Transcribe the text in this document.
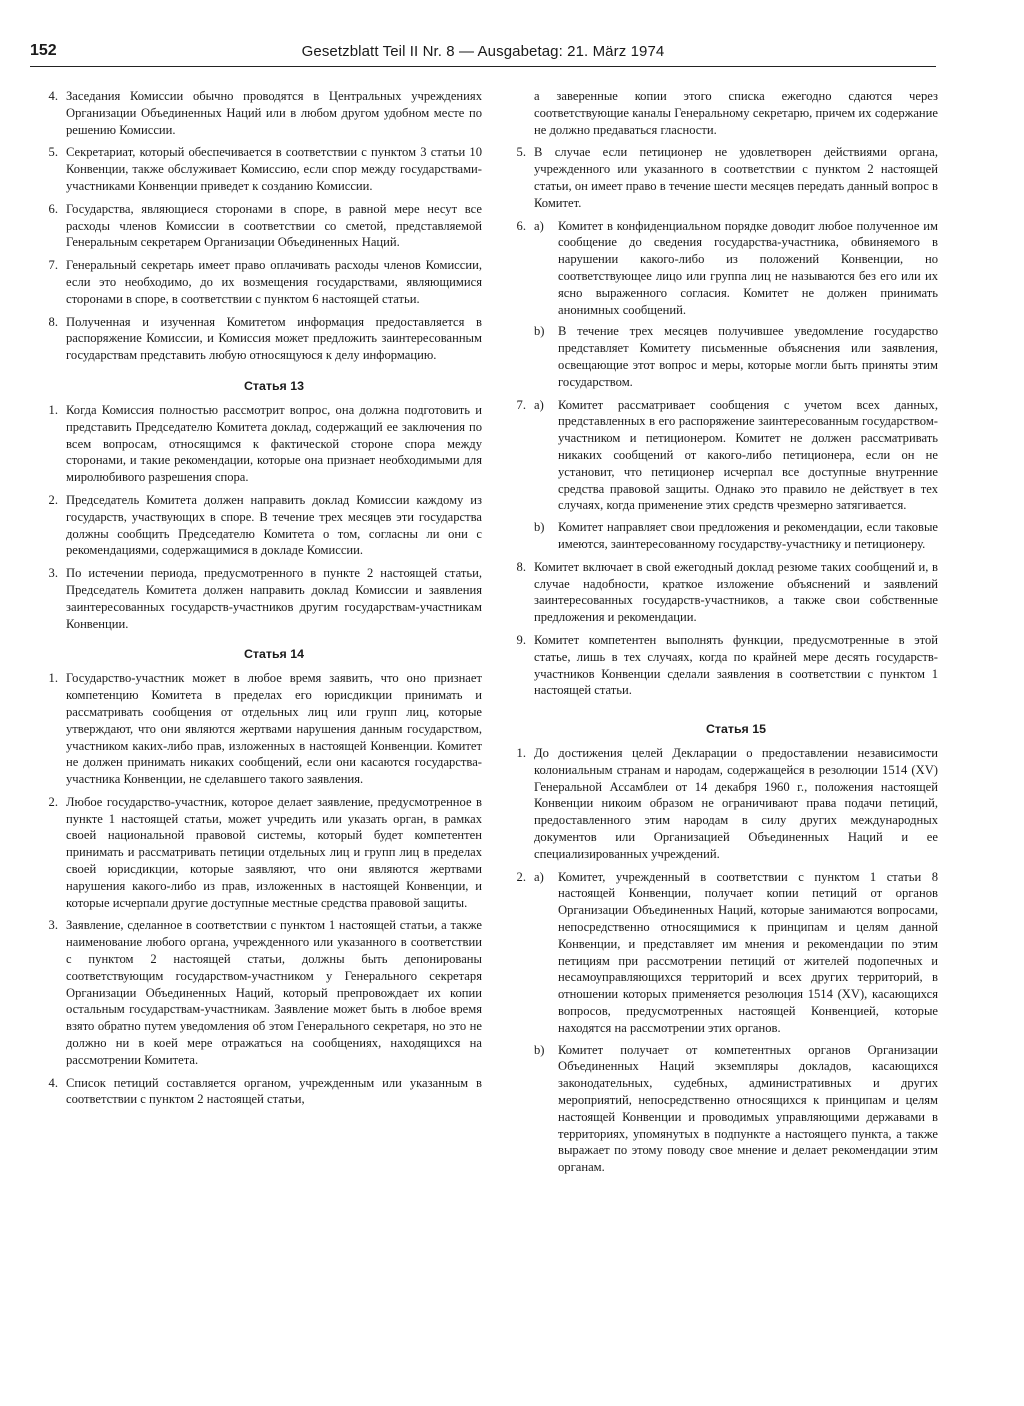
152	Gesetzblatt Teil II Nr. 8 — Ausgabetag: 21. März 1974
4. Заседания Комиссии обычно проводятся в Центральных учреждениях Организации Объединенных Наций или в любом другом удобном месте по решению Комиссии.
5. Секретариат, который обеспечивается в соответствии с пунктом 3 статьи 10 Конвенции, также обслуживает Комиссию, если спор между государствами-участниками Конвенции приведет к созданию Комиссии.
6. Государства, являющиеся сторонами в споре, в равной мере несут все расходы членов Комиссии в соответствии со сметой, представляемой Генеральным секретарем Организации Объединенных Наций.
7. Генеральный секретарь имеет право оплачивать расходы членов Комиссии, если это необходимо, до их возмещения государствами, являющимися сторонами в споре, в соответствии с пунктом 6 настоящей статьи.
8. Полученная и изученная Комитетом информация предоставляется в распоряжение Комиссии, и Комиссия может предложить заинтересованным государствам представить любую относящуюся к делу информацию.
Статья 13
1. Когда Комиссия полностью рассмотрит вопрос, она должна подготовить и представить Председателю Комитета доклад, содержащий ее заключения по всем вопросам, относящимся к фактической стороне спора между сторонами, и такие рекомендации, которые она признает необходимыми для миролюбивого разрешения спора.
2. Председатель Комитета должен направить доклад Комиссии каждому из государств, участвующих в споре. В течение трех месяцев эти государства должны сообщить Председателю Комитета о том, согласны ли они с рекомендациями, содержащимися в докладе Комиссии.
3. По истечении периода, предусмотренного в пункте 2 настоящей статьи, Председатель Комитета должен направить доклад Комиссии и заявления заинтересованных государств-участников другим государствам-участникам Конвенции.
Статья 14
1. Государство-участник может в любое время заявить, что оно признает компетенцию Комитета в пределах его юрисдикции принимать и рассматривать сообщения от отдельных лиц или групп лиц, которые утверждают, что они являются жертвами нарушения данным государством, участником каких-либо прав, изложенных в настоящей Конвенции. Комитет не должен принимать никаких сообщений, если они касаются государства-участника Конвенции, не сделавшего такого заявления.
2. Любое государство-участник, которое делает заявление, предусмотренное в пункте 1 настоящей статьи, может учредить или указать орган, в рамках своей национальной правовой системы, который будет компетентен принимать и рассматривать петиции отдельных лиц и групп лиц в пределах своей юрисдикции, которые заявляют, что они являются жертвами нарушения какого-либо из прав, изложенных в настоящей Конвенции, и которые исчерпали другие доступные местные средства правовой защиты.
3. Заявление, сделанное в соответствии с пунктом 1 настоящей статьи, а также наименование любого органа, учрежденного или указанного в соответствии с пунктом 2 настоящей статьи, должны быть депонированы соответствующим государством-участником у Генерального секретаря Организации Объединенных Наций, который препровождает их копии остальным государствам-участникам. Заявление может быть в любое время взято обратно путем уведомления об этом Генерального секретаря, но это не должно ни в коей мере отражаться на сообщениях, находящихся на рассмотрении Комитета.
4. Список петиций составляется органом, учрежденным или указанным в соответствии с пунктом 2 настоящей статьи,
а заверенные копии этого списка ежегодно сдаются через соответствующие каналы Генеральному секретарю, причем их содержание не должно предаваться гласности.
5. В случае если петиционер не удовлетворен действиями органа, учрежденного или указанного в соответствии с пунктом 2 настоящей статьи, он имеет право в течение шести месяцев передать данный вопрос в Комитет.
6. a)	Комитет в конфиденциальном порядке доводит любое полученное им сообщение до сведения государства-участника, обвиняемого в нарушении какого-либо из положений Конвенции, но соответствующее лицо или группа лиц не называются без его или их ясно выраженного согласия. Комитет не должен принимать анонимных сообщений.
b)	В течение трех месяцев получившее уведомление государство представляет Комитету письменные объяснения или заявления, освещающие этот вопрос и меры, которые могли быть приняты этим государством.
7. a)	Комитет рассматривает сообщения с учетом всех данных, представленных в его распоряжение заинтересованным государством-участником и петиционером. Комитет не должен рассматривать никаких сообщений от какого-либо петиционера, если он не установит, что петиционер исчерпал все доступные внутренние средства правовой защиты. Однако это правило не действует в тех случаях, когда применение этих средств чрезмерно затягивается.
b)	Комитет направляет свои предложения и рекомендации, если таковые имеются, заинтересованному государству-участнику и петиционеру.
8. Комитет включает в свой ежегодный доклад резюме таких сообщений и, в случае надобности, краткое изложение объяснений и заявлений заинтересованных государств-участников, а также свои собственные предложения и рекомендации.
9. Комитет компетентен выполнять функции, предусмотренные в этой статье, лишь в тех случаях, когда по крайней мере десять государств-участников Конвенции сделали заявления в соответствии с пунктом 1 настоящей статьи.
Статья 15
1. До достижения целей Декларации о предоставлении независимости колониальным странам и народам, содержащейся в резолюции 1514 (XV) Генеральной Ассамблеи от 14 декабря 1960 г., положения настоящей Конвенции никоим образом не ограничивают права подачи петиций, предоставленного этим народам в силу других международных документов или Организацией Объединенных Наций и ее специализированных учреждений.
2. a)	Комитет, учрежденный в соответствии с пунктом 1 статьи 8 настоящей Конвенции, получает копии петиций от органов Организации Объединенных Наций, которые занимаются вопросами, непосредственно относящимися к принципам и целям данной Конвенции, и представляет им мнения и рекомендации по этим петициям при рассмотрении петиций от жителей подопечных и несамоуправляющихся территорий и всех других территорий, в отношении которых применяется резолюция 1514 (XV), касающихся вопросов, предусмотренных настоящей Конвенцией, которые находятся на рассмотрении этих органов.
b)	Комитет получает от компетентных органов Организации Объединенных Наций экземпляры докладов, касающихся законодательных, судебных, административных и других мероприятий, непосредственно относящихся к принципам и целям настоящей Конвенции и проводимых управляющими державами в территориях, упомянутых в подпункте а настоящего пункта, а также выражает по этому поводу свое мнение и делает рекомендации этим органам.
